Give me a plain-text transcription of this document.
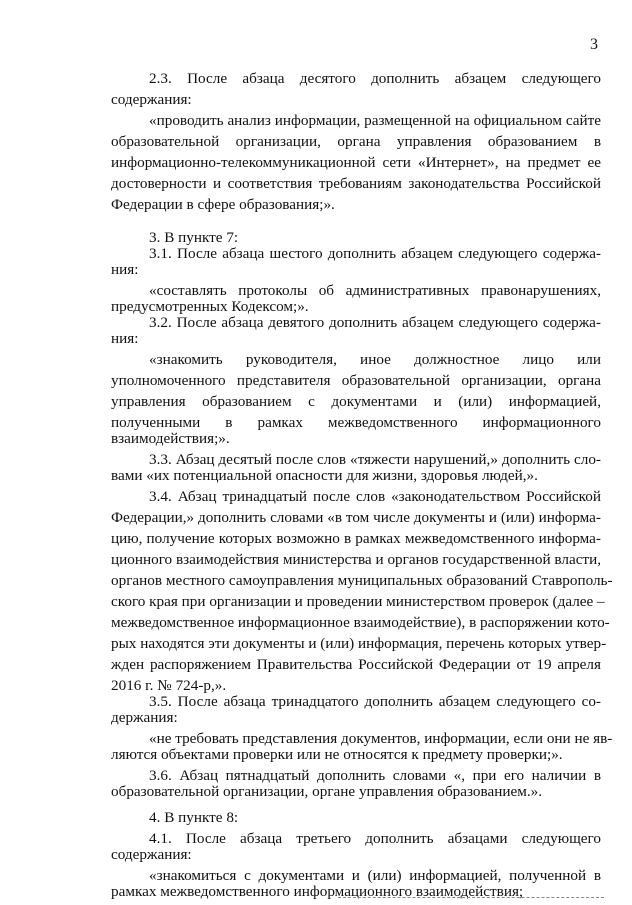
3
2.3. После абзаца десятого дополнить абзацем следующего
содержания:
«проводить анализ информации, размещенной на официальном сайте
образовательной организации, органа управления образованием в
информационно-телекоммуникационной сети «Интернет», на предмет ее
достоверности и соответствия требованиям законодательства Российской
Федерации в сфере образования;».
3. В пункте 7:
3.1. После абзаца шестого дополнить абзацем следующего содержа-
ния:
«составлять протоколы об административных правонарушениях,
предусмотренных Кодексом;».
3.2. После абзаца девятого дополнить абзацем следующего содержа-
ния:
«знакомить руководителя, иное должностное лицо или
уполномоченного представителя образовательной организации, органа
управления образованием с документами и (или) информацией,
полученными в рамках межведомственного информационного
взаимодействия;».
3.3. Абзац десятый после слов «тяжести нарушений,» дополнить сло-
вами «их потенциальной опасности для жизни, здоровья людей,».
3.4. Абзац тринадцатый после слов «законодательством Российской
Федерации,» дополнить словами «в том числе документы и (или) информа-
цию, получение которых возможно в рамках межведомственного информа-
ционного взаимодействия министерства и органов государственной власти,
органов местного самоуправления муниципальных образований Ставрополь-
ского края при организации и проведении министерством проверок (далее –
межведомственное информационное взаимодействие), в распоряжении кото-
рых находятся эти документы и (или) информация, перечень которых утвер-
жден распоряжением Правительства Российской Федерации от 19 апреля
2016 г. № 724-р,».
3.5. После абзаца тринадцатого дополнить абзацем следующего со-
держания:
«не требовать представления документов, информации, если они не яв-
ляются объектами проверки или не относятся к предмету проверки;».
3.6. Абзац пятнадцатый дополнить словами «, при его наличии в
образовательной организации, органе управления образованием.».
4. В пункте 8:
4.1. После абзаца третьего дополнить абзацами следующего
содержания:
«знакомиться с документами и (или) информацией, полученной в
рамках межведомственного информационного взаимодействия;
